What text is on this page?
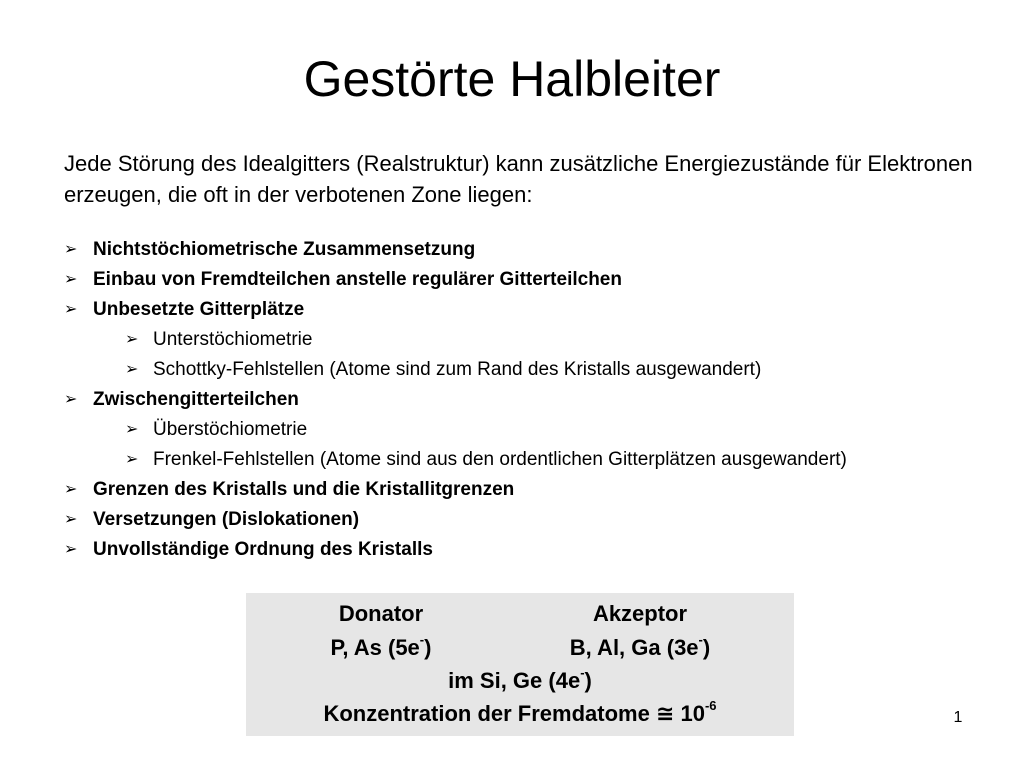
Gestörte Halbleiter

Jede Störung des Idealgitters (Realstruktur) kann zusätzliche Energiezustände für Elektronen erzeugen, die oft in der verbotenen Zone liegen:

➢ Nichtstöchiometrische Zusammensetzung
➢ Einbau von Fremdteilchen anstelle regulärer Gitterteilchen
➢ Unbesetzte Gitterplätze
➢ Unterstöchiometrie
➢ Schottky-Fehlstellen (Atome sind zum Rand des Kristalls ausgewandert)
➢ Zwischengitterteilchen
➢ Überstöchiometrie
➢ Frenkel-Fehlstellen (Atome sind aus den ordentlichen Gitterplätzen ausgewandert)
➢ Grenzen des Kristalls und die Kristallitgrenzen
➢ Versetzungen (Dislokationen)
➢ Unvollständige Ordnung des Kristalls
Donator	Akzeptor
P, As (5e-)	B, Al, Ga (3e-)
im Si, Ge (4e-)
Konzentration der Fremdatome ≅ $10^{-6}$
1
